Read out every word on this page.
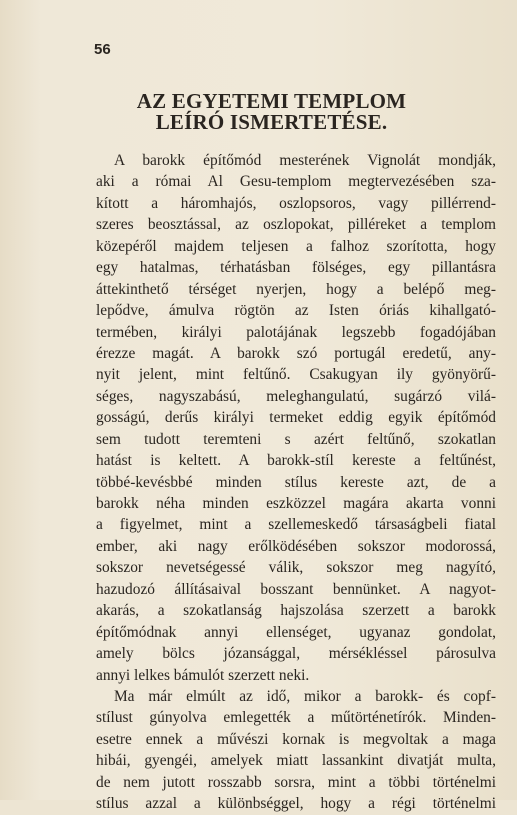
56
AZ EGYETEMI TEMPLOM
LEÍRÓ ISMERTETÉSE.
A barokk építőmód mesterének Vignolát mondják,
aki a római Al Gesu-templom megtervezésében sza-
kított a háromhajós, oszlopsoros, vagy pillérrend-
szeres beosztással, az oszlopokat, pilléreket a templom
közepéről majdem teljesen a falhoz szorította, hogy
egy hatalmas, térhatásban fölséges, egy pillantásra
áttekinthető térséget nyerjen, hogy a belépő meg-
lepődve, ámulva rögtön az Isten óriás kihallgató-
termében, királyi palotájának legszebb fogadójában
érezze magát. A barokk szó portugál eredetű, any-
nyit jelent, mint feltűnő. Csakugyan ily gyönyörű-
séges, nagyszabású, meleghangulatú, sugárzó vilá-
gosságú, derűs királyi termeket eddig egyik építőmód
sem tudott teremteni s azért feltűnő, szokatlan
hatást is keltett. A barokk-stíl kereste a feltűnést,
többé-kevésbbé minden stílus kereste azt, de a
barokk néha minden eszközzel magára akarta vonni
a figyelmet, mint a szellemeskedő társaságbeli fiatal
ember, aki nagy erőlködésében sokszor modorossá,
sokszor nevetségessé válik, sokszor meg nagyító,
hazudozó állításaival bosszant bennünket. A nagyot-
akarás, a szokatlanság hajszolása szerzett a barokk
építőmódnak annyi ellenséget, ugyanaz gondolat,
amely bölcs józansággal, mérsékléssel párosulva
annyi lelkes bámulót szerzett neki.
Ma már elmúlt az idő, mikor a barokk- és copf-
stílust gúnyolva emlegették a műtörténetírók. Minden-
esetre ennek a művészi kornak is megvoltak a maga
hibái, gyengéi, amelyek miatt lassankint divatját multa,
de nem jutott rosszabb sorsra, mint a többi történelmi
stílus azzal a különbséggel, hogy a régi történelmi
